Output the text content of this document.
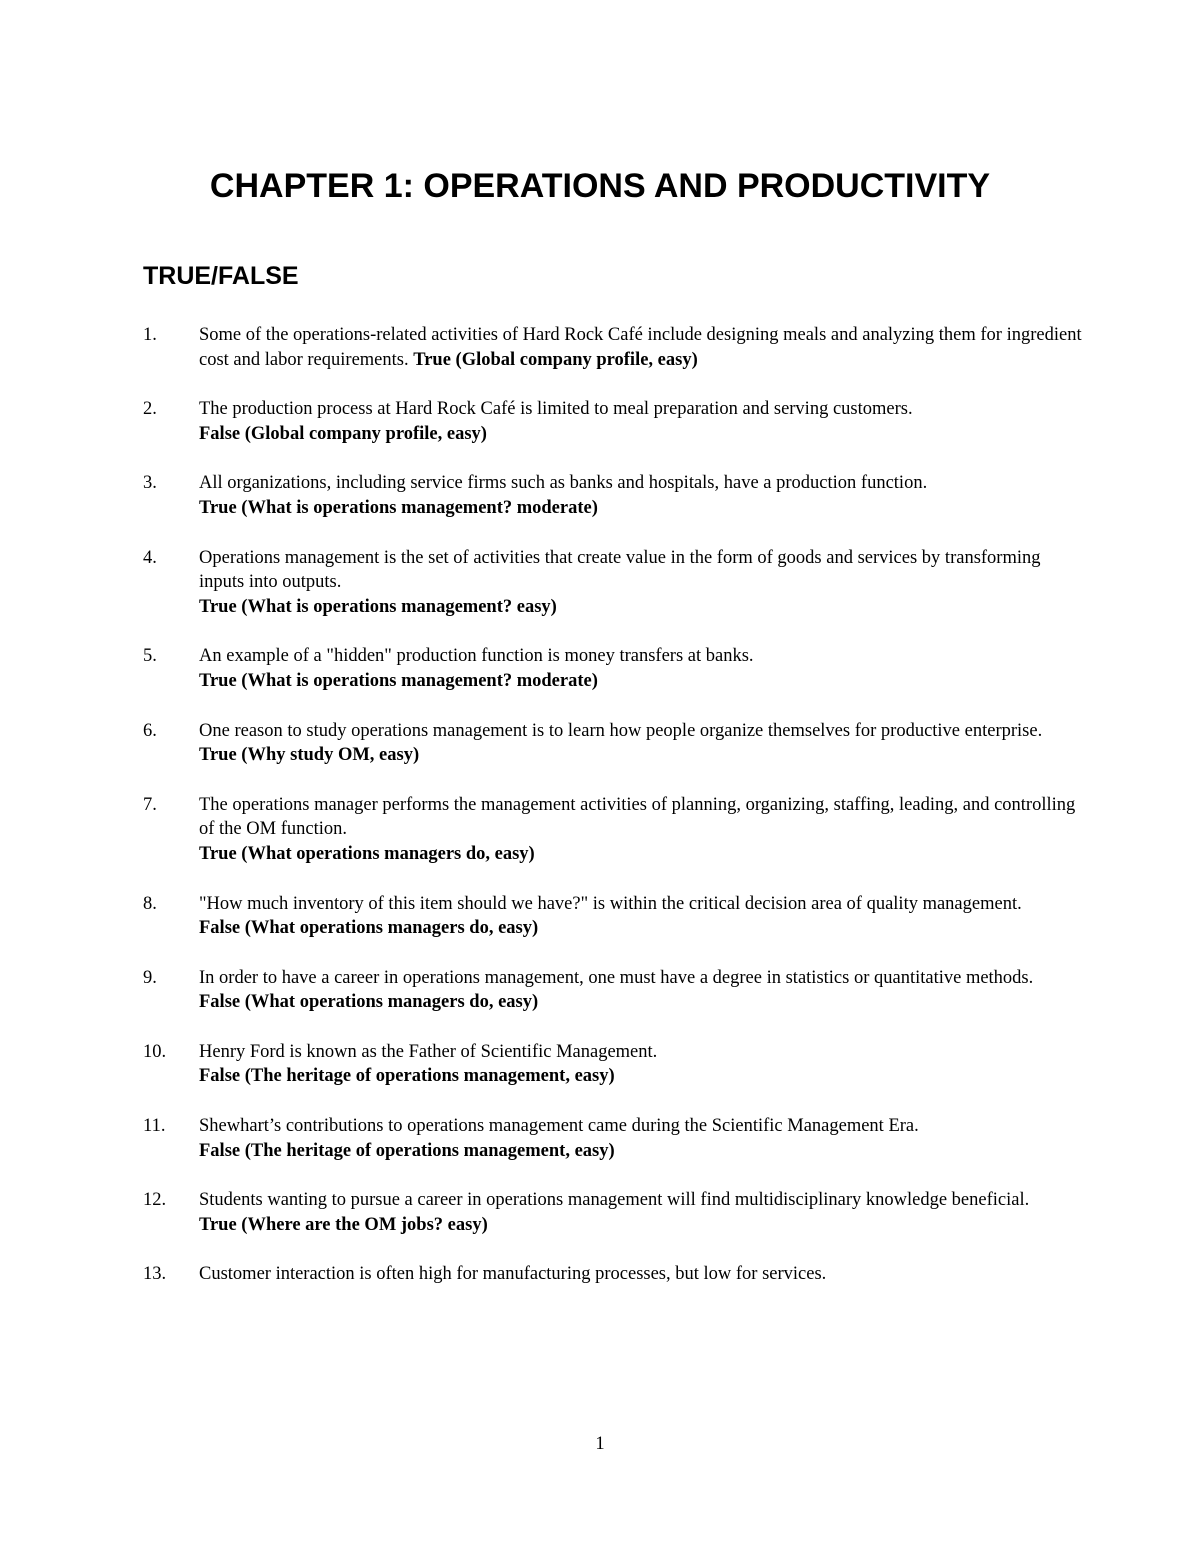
CHAPTER 1: OPERATIONS AND PRODUCTIVITY
TRUE/FALSE
1. Some of the operations-related activities of Hard Rock Café include designing meals and analyzing them for ingredient cost and labor requirements. True (Global company profile, easy)
2. The production process at Hard Rock Café is limited to meal preparation and serving customers.
False (Global company profile, easy)
3. All organizations, including service firms such as banks and hospitals, have a production function.
True (What is operations management? moderate)
4. Operations management is the set of activities that create value in the form of goods and services by transforming inputs into outputs.
True (What is operations management? easy)
5. An example of a "hidden" production function is money transfers at banks.
True (What is operations management? moderate)
6. One reason to study operations management is to learn how people organize themselves for productive enterprise.
True (Why study OM, easy)
7. The operations manager performs the management activities of planning, organizing, staffing, leading, and controlling of the OM function.
True (What operations managers do, easy)
8. "How much inventory of this item should we have?" is within the critical decision area of quality management.
False (What operations managers do, easy)
9. In order to have a career in operations management, one must have a degree in statistics or quantitative methods.
False (What operations managers do, easy)
10. Henry Ford is known as the Father of Scientific Management.
False (The heritage of operations management, easy)
11. Shewhart’s contributions to operations management came during the Scientific Management Era.
False (The heritage of operations management, easy)
12. Students wanting to pursue a career in operations management will find multidisciplinary knowledge beneficial.
True (Where are the OM jobs? easy)
13. Customer interaction is often high for manufacturing processes, but low for services.
1
